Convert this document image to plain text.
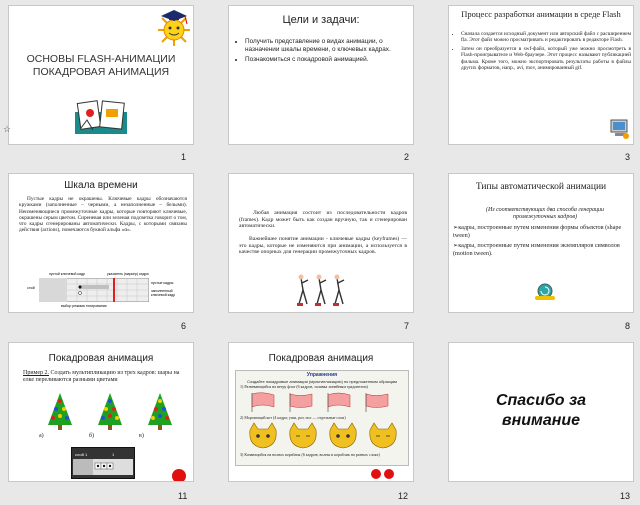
ОСНОВЫ FLASH-АНИМАЦИИ ПОКАДРОВАЯ АНИМАЦИЯ
☆
1
Цели и задачи:
• Получить представление о видах анимации, о назначении шкалы времени, о ключевых кадрах.
• Познакомиться с покадровой анимацией.
2
Процесс разработки анимации в среде Flash
• Сначала создается исходный документ или авторский файл с расширением fla. Этот файл можно просматривать и редактировать в редакторе Flash.
• Затем он преобразуется в swf-файл, который уже можно просмотреть в Flash-проигрывателе и Web-браузере. Этот процесс называют публикацией фильма. Кроме того, можно экспортировать результаты работы в файлы других форматов, напр., avi, mov, анимированный gif.
3
Шкала времени
Пустые кадры не окрашены. Ключевые кадры обозначаются кружками (заполненные – черными, а незаполненные – белыми). Неизменяющиеся промежуточные кадры, которые повторяют ключевые, окрашены серым цветом. Сиреневая или зеленая подсветка говорит о том, что кадры сгенерированы автоматически. Кадры, с которыми связаны действия (actions), помечаются буквой альфа «α».
пустой ключевой кадр	указатель (маркер) кадра
слой
пустые кадры
заполненный ключевой кадр
выбор режима тонирования
6
Любая анимация состоит из последовательности кадров (frames). Кадр может быть как создан вручную, так и сгенерирован автоматически.
Важнейшее понятие анимации - ключевые кадры (keyframes) — это кадры, которые не изменяются при анимации, а используется в качестве опорных для генерации промежуточных кадров.
7
Типы автоматической анимации
(Из соответствующих два способа генерации промежуточных кадров)
➢кадры, построенные путем изменения формы объектов (shape tween)
➢кадры, построенные путем изменения экземпляров символов (motion tween).
8
Покадровая анимация
Пример 2. Создать мультипликацию из трех кадров: шары на елке переливаются разными цветами
а)	б)	в)
слой 1	1
11
Покадровая анимация
Упражнения
Создайте покадровые анимации (мультипликацию) по предложенным образцам
1) Развевающийся на ветру флаг (6 кадров, заливка линейным градиентом)
2) Моргающий кот (4 кадра; уши, рот, нос — отдельные слои)
3) Качающийся на волнах кораблик (6 кадров; волны и кораблик на разных слоях)
12
Спасибо за внимание
13
